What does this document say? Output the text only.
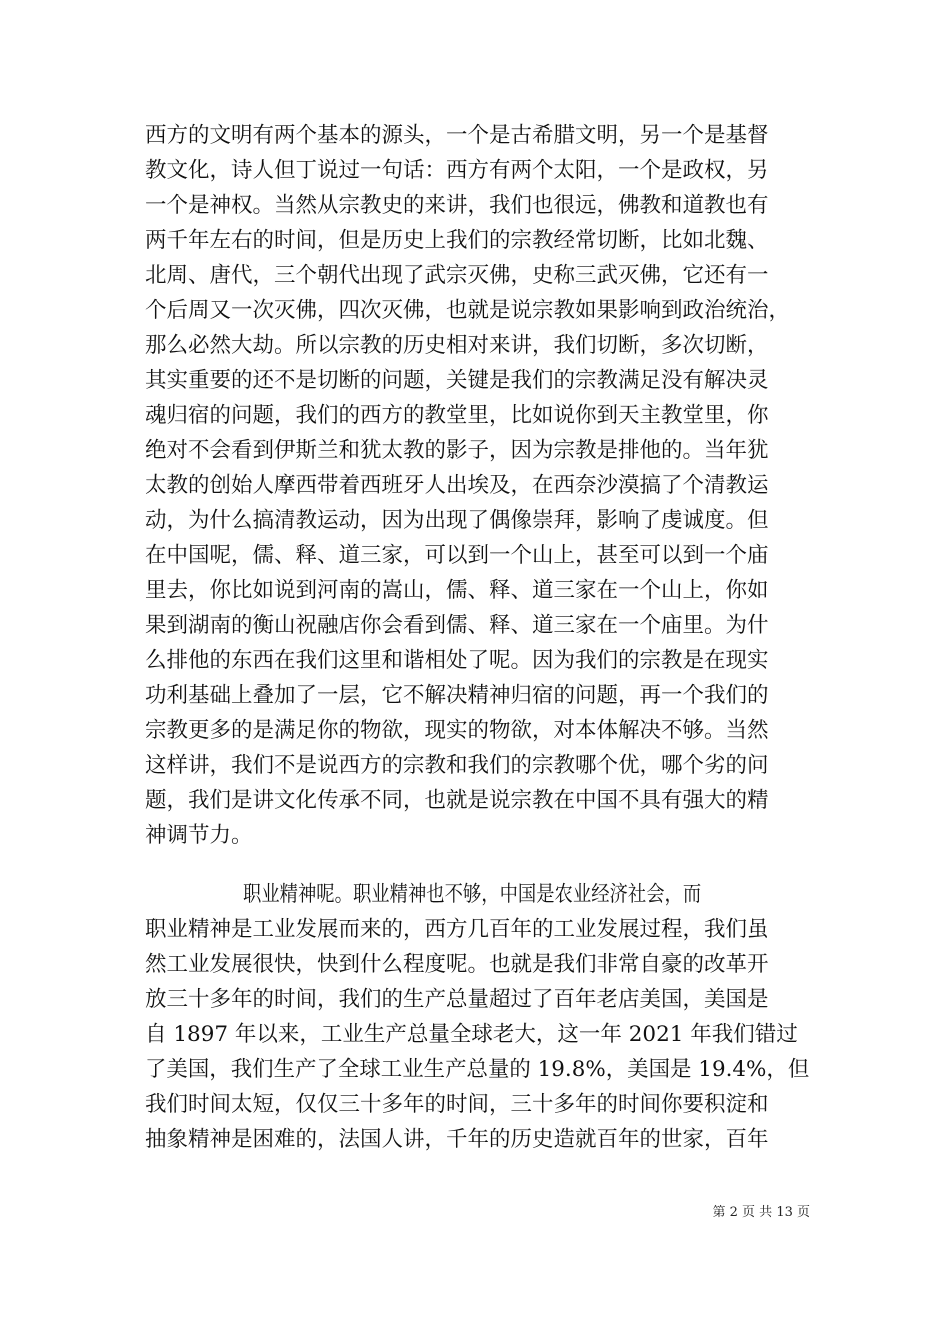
西方的文明有两个基本的源头，一个是古希腊文明，另一个是基督
教文化，诗人但丁说过一句话：西方有两个太阳，一个是政权，另
一个是神权。当然从宗教史的来讲，我们也很远，佛教和道教也有
两千年左右的时间，但是历史上我们的宗教经常切断，比如北魏、
北周、唐代，三个朝代出现了武宗灭佛，史称三武灭佛，它还有一
个后周又一次灭佛，四次灭佛，也就是说宗教如果影响到政治统治，
那么必然大劫。所以宗教的历史相对来讲，我们切断，多次切断，
其实重要的还不是切断的问题，关键是我们的宗教满足没有解决灵
魂归宿的问题，我们的西方的教堂里，比如说你到天主教堂里，你
绝对不会看到伊斯兰和犹太教的影子，因为宗教是排他的。当年犹
太教的创始人摩西带着西班牙人出埃及，在西奈沙漠搞了个清教运
动，为什么搞清教运动，因为出现了偶像崇拜，影响了虔诚度。但
在中国呢，儒、释、道三家，可以到一个山上，甚至可以到一个庙
里去，你比如说到河南的嵩山，儒、释、道三家在一个山上，你如
果到湖南的衡山祝融店你会看到儒、释、道三家在一个庙里。为什
么排他的东西在我们这里和谐相处了呢。因为我们的宗教是在现实
功利基础上叠加了一层，它不解决精神归宿的问题，再一个我们的
宗教更多的是满足你的物欲，现实的物欲，对本体解决不够。当然
这样讲，我们不是说西方的宗教和我们的宗教哪个优，哪个劣的问
题，我们是讲文化传承不同，也就是说宗教在中国不具有强大的精
神调节力。
职业精神呢。职业精神也不够，中国是农业经济社会，而
职业精神是工业发展而来的，西方几百年的工业发展过程，我们虽
然工业发展很快，快到什么程度呢。也就是我们非常自豪的改革开
放三十多年的时间，我们的生产总量超过了百年老店美国，美国是
自 1897 年以来，工业生产总量全球老大，这一年 2021 年我们错过
了美国，我们生产了全球工业生产总量的 19.8%，美国是 19.4%，但
我们时间太短，仅仅三十多年的时间，三十多年的时间你要积淀和
抽象精神是困难的，法国人讲，千年的历史造就百年的世家，百年
第 2 页 共 13 页
